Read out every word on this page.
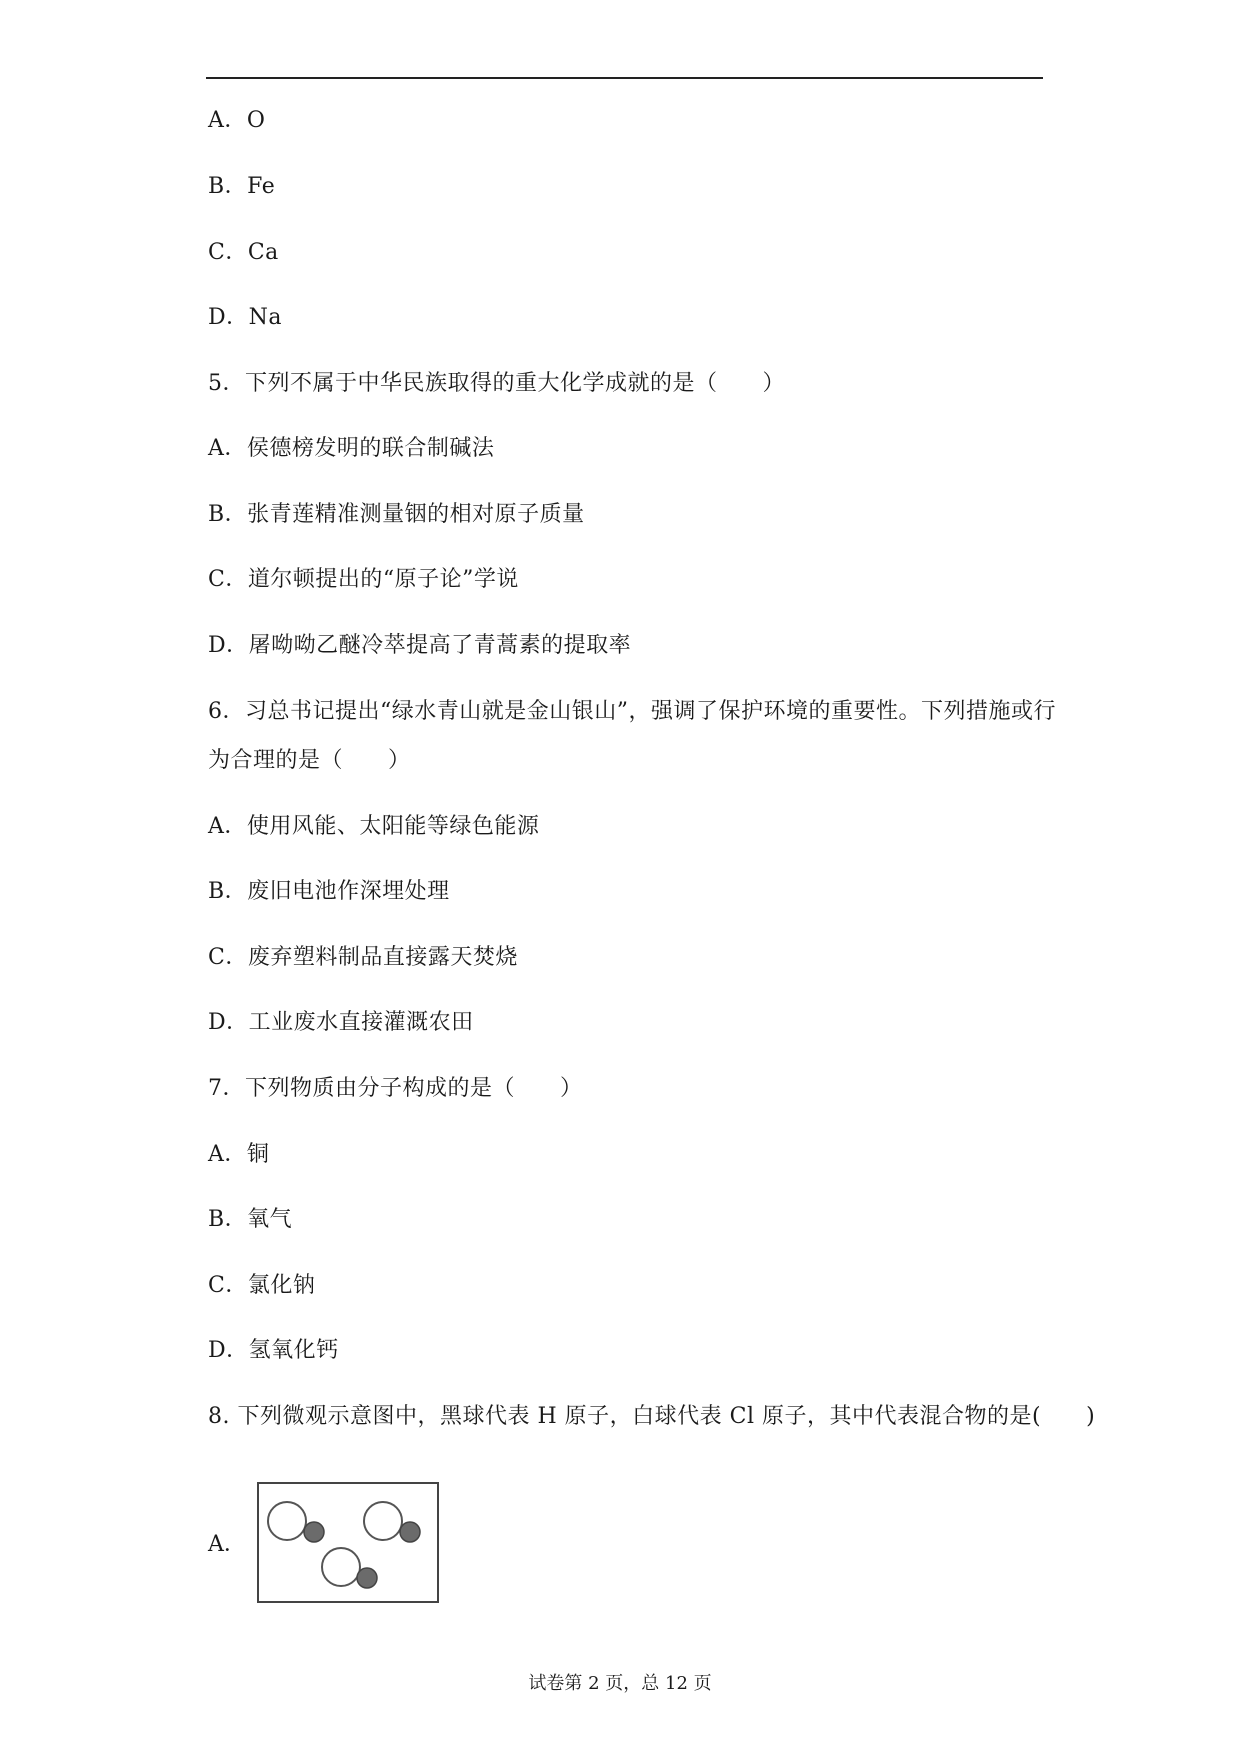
A．O
B．Fe
C．Ca
D．Na
5．下列不属于中华民族取得的重大化学成就的是（　　）
A．侯德榜发明的联合制碱法
B．张青莲精准测量铟的相对原子质量
C．道尔顿提出的“原子论”学说
D．屠呦呦乙醚冷萃提高了青蒿素的提取率
6．习总书记提出“绿水青山就是金山银山”，强调了保护环境的重要性。下列措施或行
为合理的是（　　）
A．使用风能、太阳能等绿色能源
B．废旧电池作深埋处理
C．废弃塑料制品直接露天焚烧
D．工业废水直接灌溉农田
7．下列物质由分子构成的是（　　）
A．铜
B．氧气
C．氯化钠
D．氢氧化钙
8. 下列微观示意图中，黑球代表 H 原子，白球代表 Cl 原子，其中代表混合物的是(　　)
A．
试卷第 2 页，总 12 页
